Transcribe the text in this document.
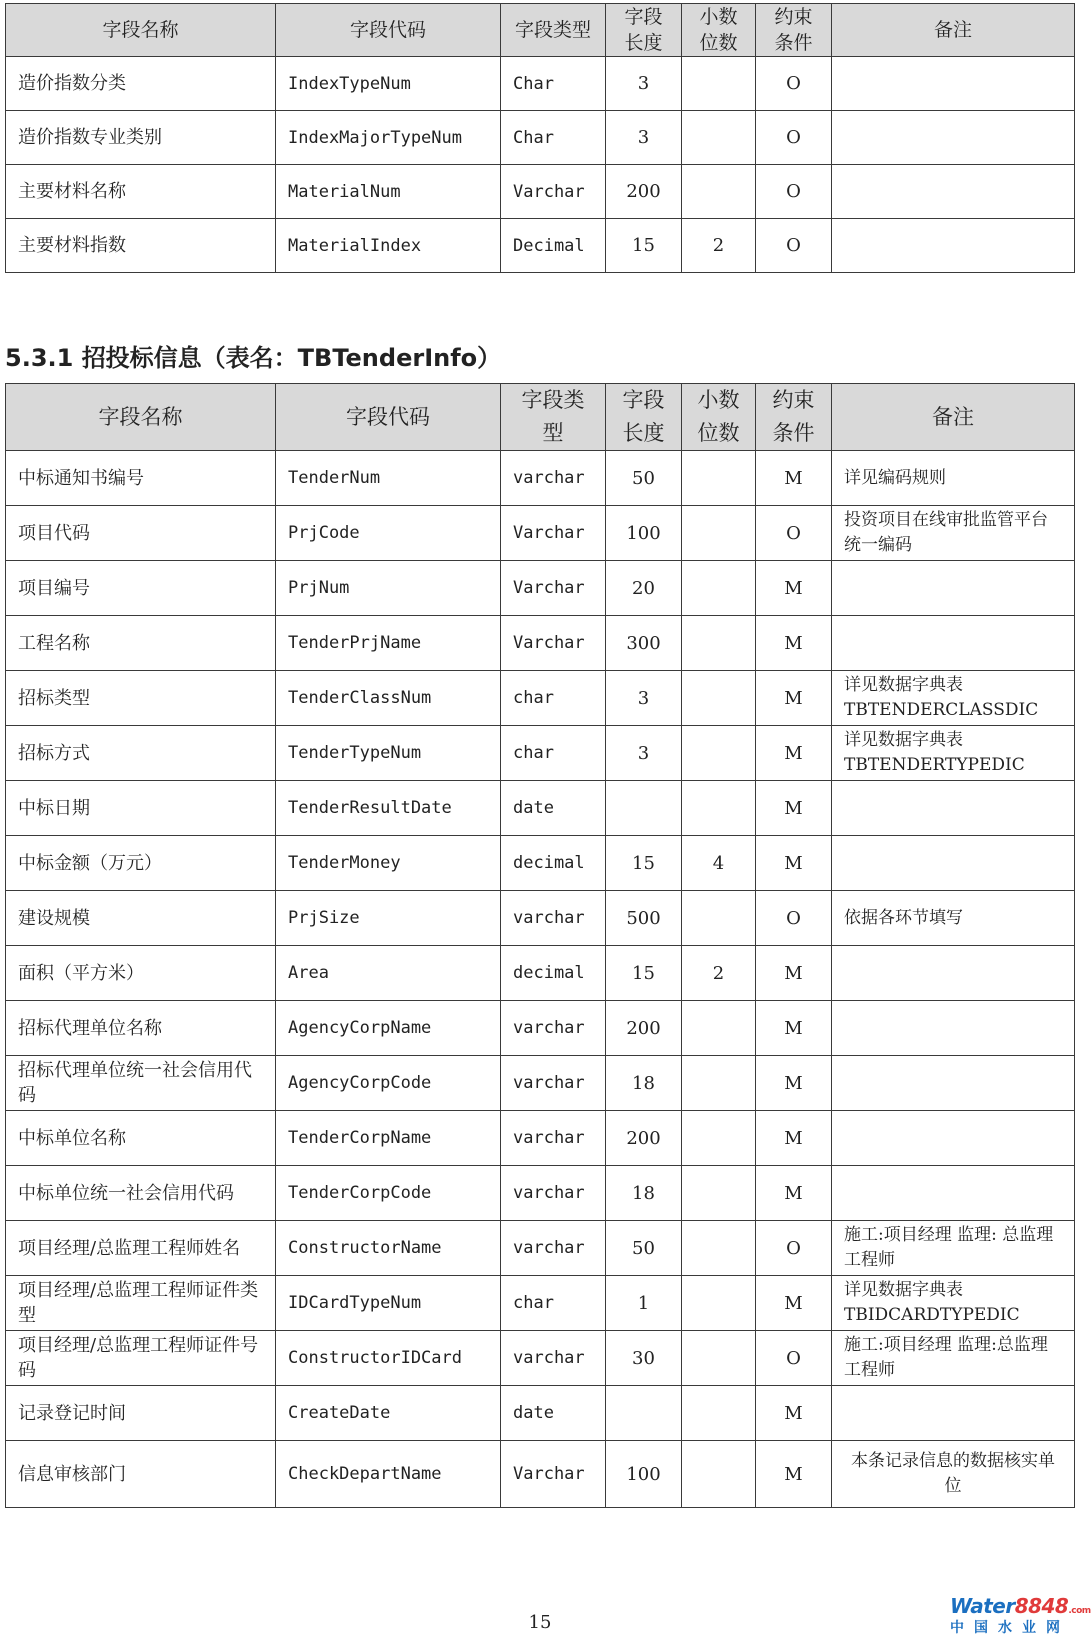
字段名称	字段代码	字段类型	字段长度	小数位数	约束条件	备注
造价指数分类	IndexTypeNum	Char	3		O	
造价指数专业类别	IndexMajorTypeNum	Char	3		O	
主要材料名称	MaterialNum	Varchar	200		O	
主要材料指数	MaterialIndex	Decimal	15	2	O	
5.3.1 招投标信息（表名：TBTenderInfo）
字段名称	字段代码	字段类型	字段长度	小数位数	约束条件	备注
中标通知书编号	TenderNum	varchar	50		M	详见编码规则
项目代码	PrjCode	Varchar	100		O	投资项目在线审批监管平台统一编码
项目编号	PrjNum	Varchar	20		M	
工程名称	TenderPrjName	Varchar	300		M	
招标类型	TenderClassNum	char	3		M	详见数据字典表 TBTENDERCLASSDIC
招标方式	TenderTypeNum	char	3		M	详见数据字典表 TBTENDERTYPEDIC
中标日期	TenderResultDate	date			M	
中标金额（万元）	TenderMoney	decimal	15	4	M	
建设规模	PrjSize	varchar	500		O	依据各环节填写
面积（平方米）	Area	decimal	15	2	M	
招标代理单位名称	AgencyCorpName	varchar	200		M	
招标代理单位统一社会信用代码	AgencyCorpCode	varchar	18		M	
中标单位名称	TenderCorpName	varchar	200		M	
中标单位统一社会信用代码	TenderCorpCode	varchar	18		M	
项目经理/总监理工程师姓名	ConstructorName	varchar	50		O	施工:项目经理 监理: 总监理工程师
项目经理/总监理工程师证件类型	IDCardTypeNum	char	1		M	详见数据字典表 TBIDCARDTYPEDIC
项目经理/总监理工程师证件号码	ConstructorIDCard	varchar	30		O	施工:项目经理 监理:总监理工程师
记录登记时间	CreateDate	date			M	
信息审核部门	CheckDepartName	Varchar	100		M	本条记录信息的数据核实单位
15
Water8848.com
中国水业网
